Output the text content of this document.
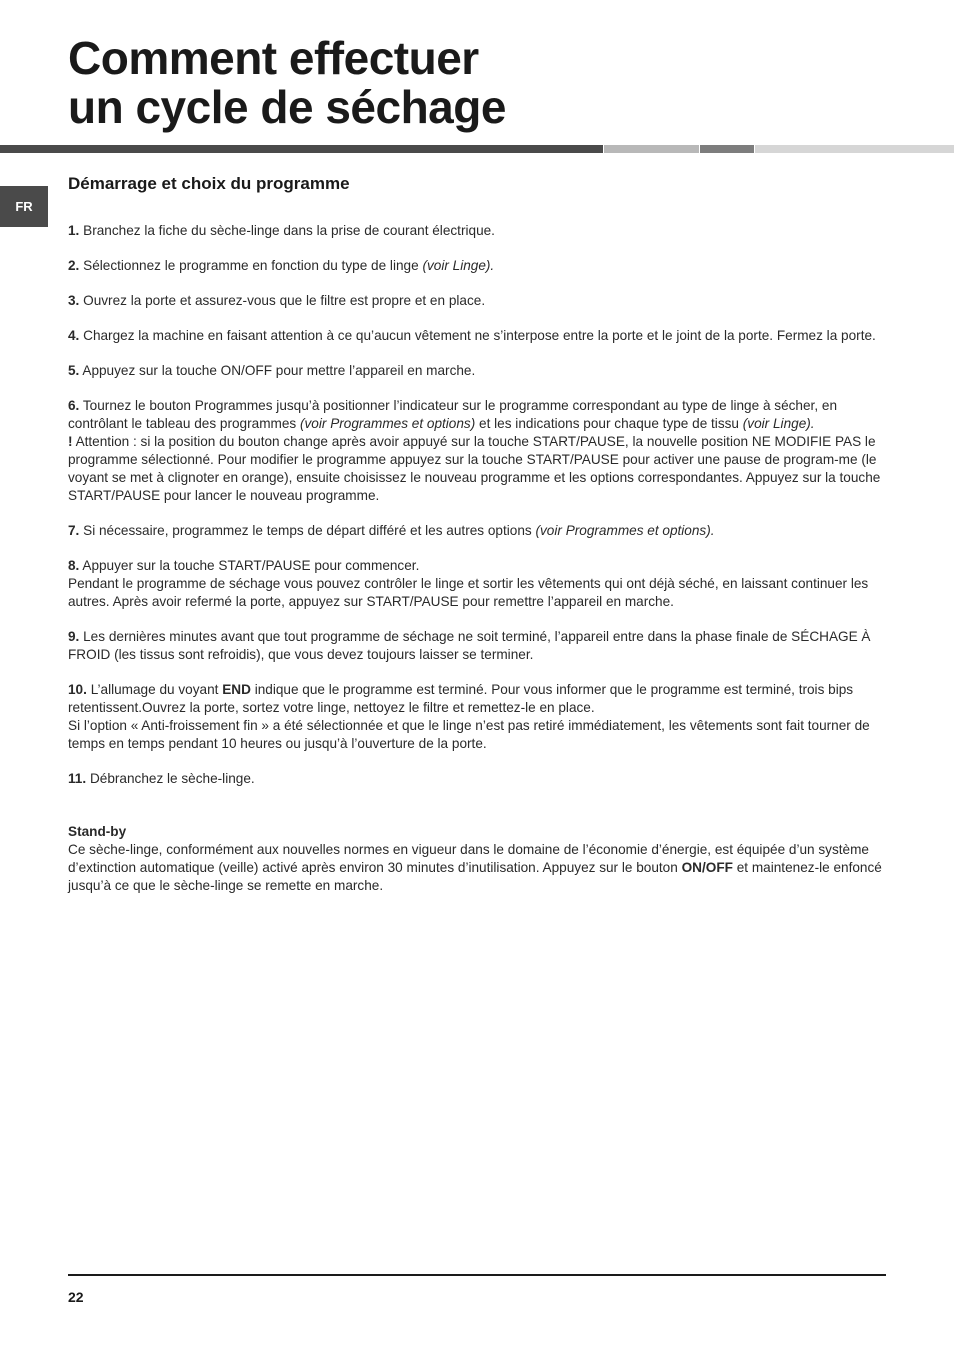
Comment effectuer
un cycle de séchage
FR
Démarrage et choix du programme
1. Branchez la fiche du sèche-linge dans la prise de courant électrique.
2. Sélectionnez le programme en fonction du type de linge (voir Linge).
3. Ouvrez la porte et assurez-vous que le filtre est propre et en place.
4. Chargez la machine en faisant attention à ce qu’aucun vêtement ne s’interpose entre la porte et le joint de la porte. Fermez la porte.
5. Appuyez sur la touche ON/OFF pour mettre l’appareil en marche.

6. Tournez le bouton Programmes jusqu’à positionner l’indicateur sur le programme correspondant au type de linge à sécher, en contrôlant le tableau des programmes (voir Programmes et options) et les indications pour chaque type de tissu (voir Linge).

! Attention : si la position du bouton change après avoir appuyé sur la touche START/PAUSE, la nouvelle position NE MODIFIE PAS le programme sélectionné. Pour modifier le programme appuyez sur la touche START/PAUSE pour activer une pause de program-me (le voyant se met à clignoter en orange), ensuite choisissez le nouveau programme et les options correspondantes. Appuyez sur la touche START/PAUSE pour lancer le nouveau programme.

7. Si nécessaire, programmez le temps de départ différé et les autres options (voir Programmes et options).

8. Appuyer sur la touche START/PAUSE pour commencer.

Pendant le programme de séchage vous pouvez contrôler le linge et sortir les vêtements qui ont déjà séché, en laissant continuer les autres. Après avoir refermé la porte, appuyez sur START/PAUSE pour remettre l’appareil en marche.

9. Les dernières minutes avant que tout programme de séchage ne soit terminé, l’appareil entre dans la phase finale de SÉCHAGE À FROID (les tissus sont refroidis), que vous devez toujours laisser se terminer.

10. L’allumage du voyant END indique que le programme est terminé. Pour vous informer que le programme est terminé, trois bips retentissent.Ouvrez la porte, sortez votre linge, nettoyez le filtre et remettez-le en place.

Si l’option « Anti-froissement fin » a été sélectionnée et que le linge n’est pas retiré immédiatement, les vêtements sont fait tourner de temps en temps pendant 10 heures ou jusqu’à l’ouverture de la porte.

11. Débranchez le sèche-linge.

Stand-by

Ce sèche-linge, conformément aux nouvelles normes en vigueur dans le domaine de l’économie d’énergie, est équipée d’un système d’extinction automatique (veille) activé après environ 30 minutes d’inutilisation. Appuyez sur le bouton ON/OFF et maintenez-le enfoncé jusqu’à ce que le sèche-linge se remette en marche.

22
